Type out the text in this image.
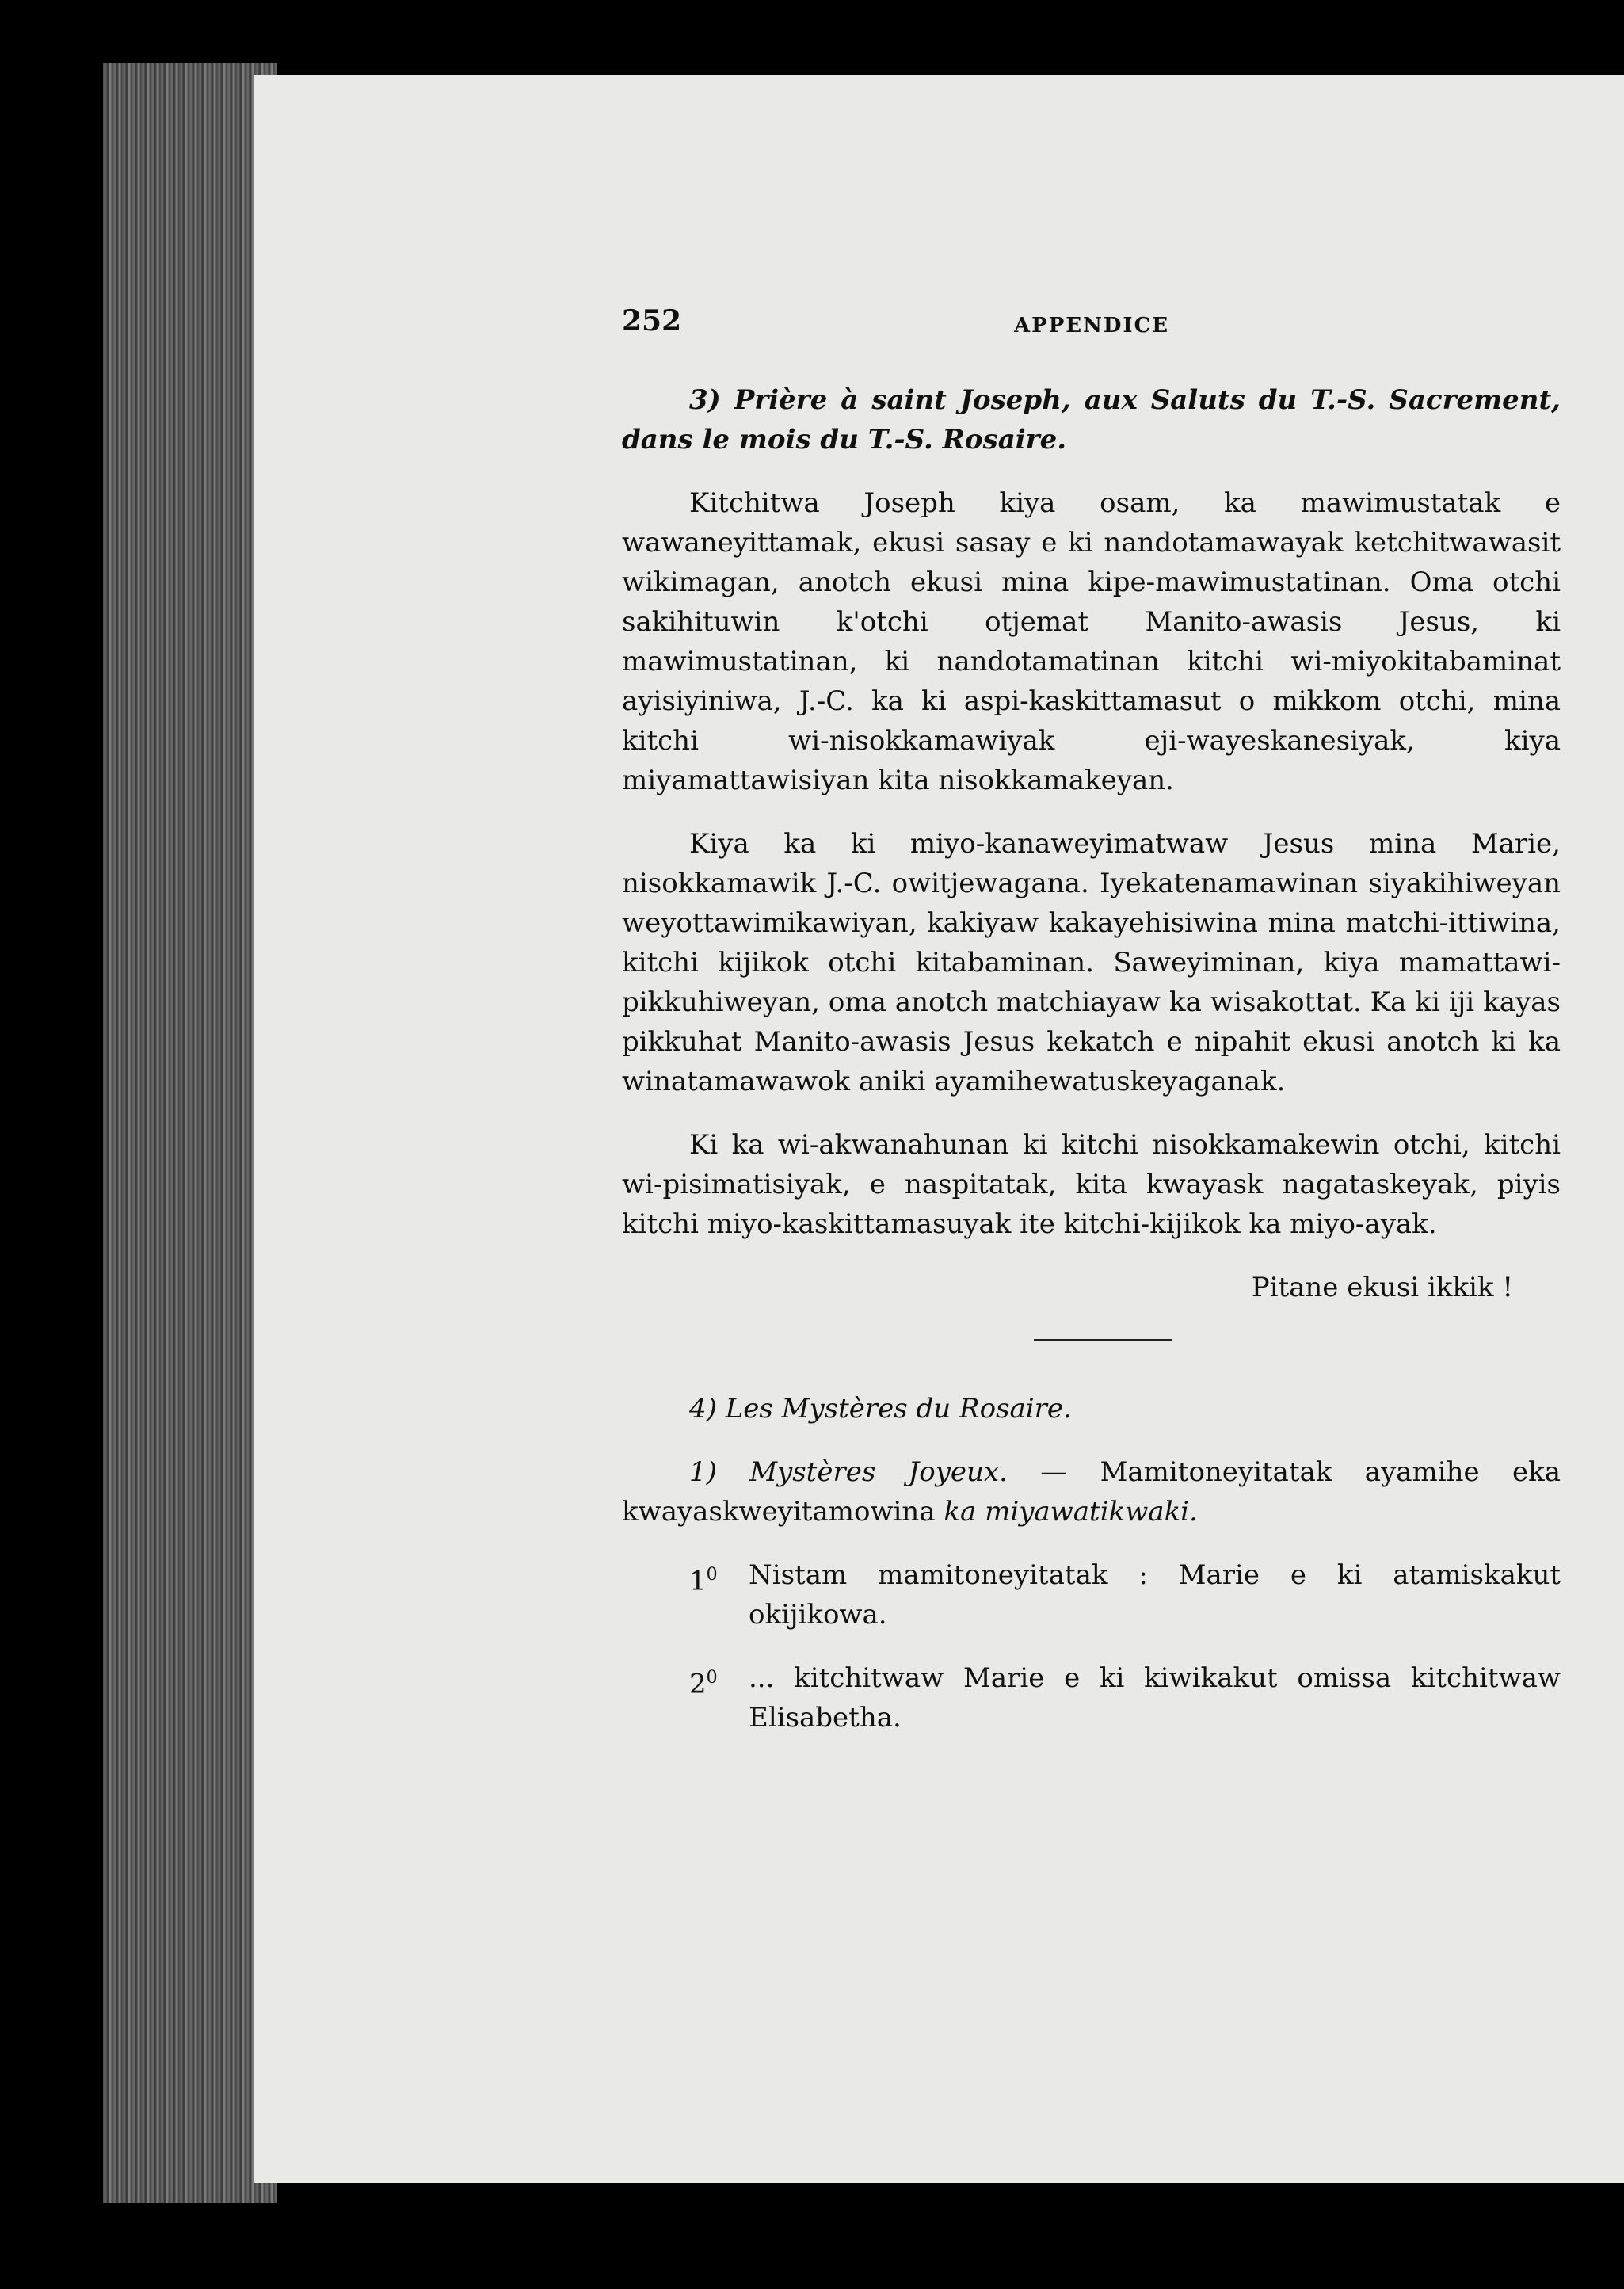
252	APPENDICE

3) Prière à saint Joseph, aux Saluts du T.-S. Sacrement, dans le mois du T.-S. Rosaire.

Kitchitwa Joseph kiya osam, ka mawimustatak e wawaneyittamak, ekusi sasay e ki nandotamawayak ketchitwawasit wikimagan, anotch ekusi mina kipe-mawimustatinan. Oma otchi sakihituwin k'otchi otjemat Manito-awasis Jesus, ki mawimustatinan, ki nandotamatinan kitchi wi-miyokitabaminat ayisiyiniwa, J.-C. ka ki aspi-kaskittamasut o mikkom otchi, mina kitchi wi-nisokkamawiyak eji-wayeskanesiyak, kiya miyamattawisiyan kita nisokkamakeyan.

Kiya ka ki miyo-kanaweyimatwaw Jesus mina Marie, nisokkamawik J.-C. owitjewagana. Iyekatenamawinan siyakihiweyan weyottawimikawiyan, kakiyaw kakayehisiwina mina matchi-ittiwina, kitchi kijikok otchi kitabaminan. Saweyiminan, kiya mamattawi-pikkuhiweyan, oma anotch matchiayaw ka wisakottat. Ka ki iji kayas pikkuhat Manito-awasis Jesus kekatch e nipahit ekusi anotch ki ka winatamawawok aniki ayamihewatuskeyaganak.

Ki ka wi-akwanahunan ki kitchi nisokkamakewin otchi, kitchi wi-pisimatisiyak, e naspitatak, kita kwayask nagataskeyak, piyis kitchi miyo-kaskittamasuyak ite kitchi-kijikok ka miyo-ayak.

Pitane ekusi ikkik !

4) Les Mystères du Rosaire.

1) Mystères Joyeux. — Mamitoneyitatak ayamihe eka kwayaskweyitamowina ka miyawatikwaki.

$1^0$ Nistam mamitoneyitatak : Marie e ki atamiskakut okijikowa.
$2^0$ ... kitchitwaw Marie e ki kiwikakut omissa kitchitwaw Elisabetha.
